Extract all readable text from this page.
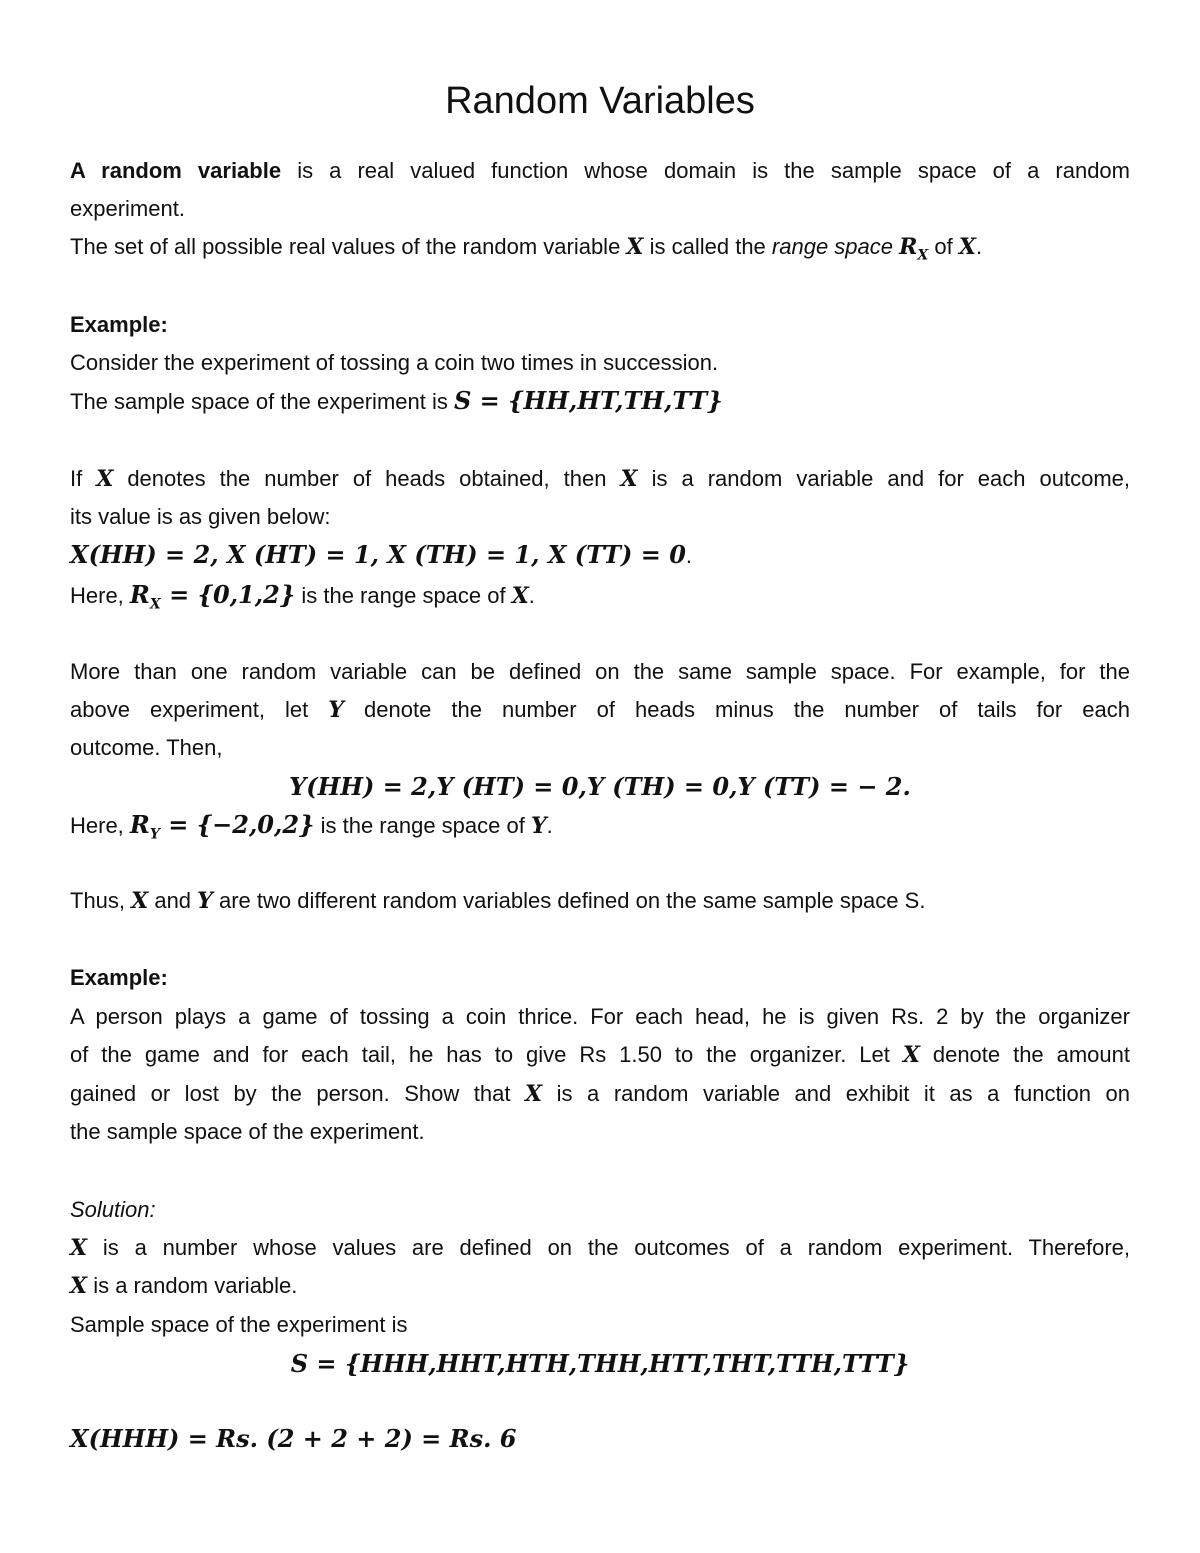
Random Variables
A random variable is a real valued function whose domain is the sample space of a random
experiment.
The set of all possible real values of the random variable X is called the range space $R_X$ of X.
Example:
Consider the experiment of tossing a coin two times in succession.
The sample space of the experiment is S = {HH,HT,TH,TT}
If X denotes the number of heads obtained, then X is a random variable and for each outcome,
its value is as given below:
X(HH) = 2, X (HT) = 1, X (TH) = 1, X (TT) = 0.
Here, $R_X = \{0,1,2\}$ is the range space of X.
More than one random variable can be defined on the same sample space. For example, for the
above experiment, let Y denote the number of heads minus the number of tails for each
outcome. Then,
Y(HH) = 2,Y (HT) = 0,Y (TH) = 0,Y (TT) = − 2.
Here, $R_Y = \{-2,0,2\}$ is the range space of Y.
Thus, X and Y are two different random variables defined on the same sample space S.
Example:
A person plays a game of tossing a coin thrice. For each head, he is given Rs. 2 by the organizer
of the game and for each tail, he has to give Rs 1.50 to the organizer. Let X denote the amount
gained or lost by the person. Show that X is a random variable and exhibit it as a function on
the sample space of the experiment.
Solution:
X is a number whose values are defined on the outcomes of a random experiment. Therefore,
X is a random variable.
Sample space of the experiment is
S = {HHH,HHT,HTH,THH,HTT,THT,TTH,TTT}
X(HHH) = Rs. (2 + 2 + 2) = Rs. 6
